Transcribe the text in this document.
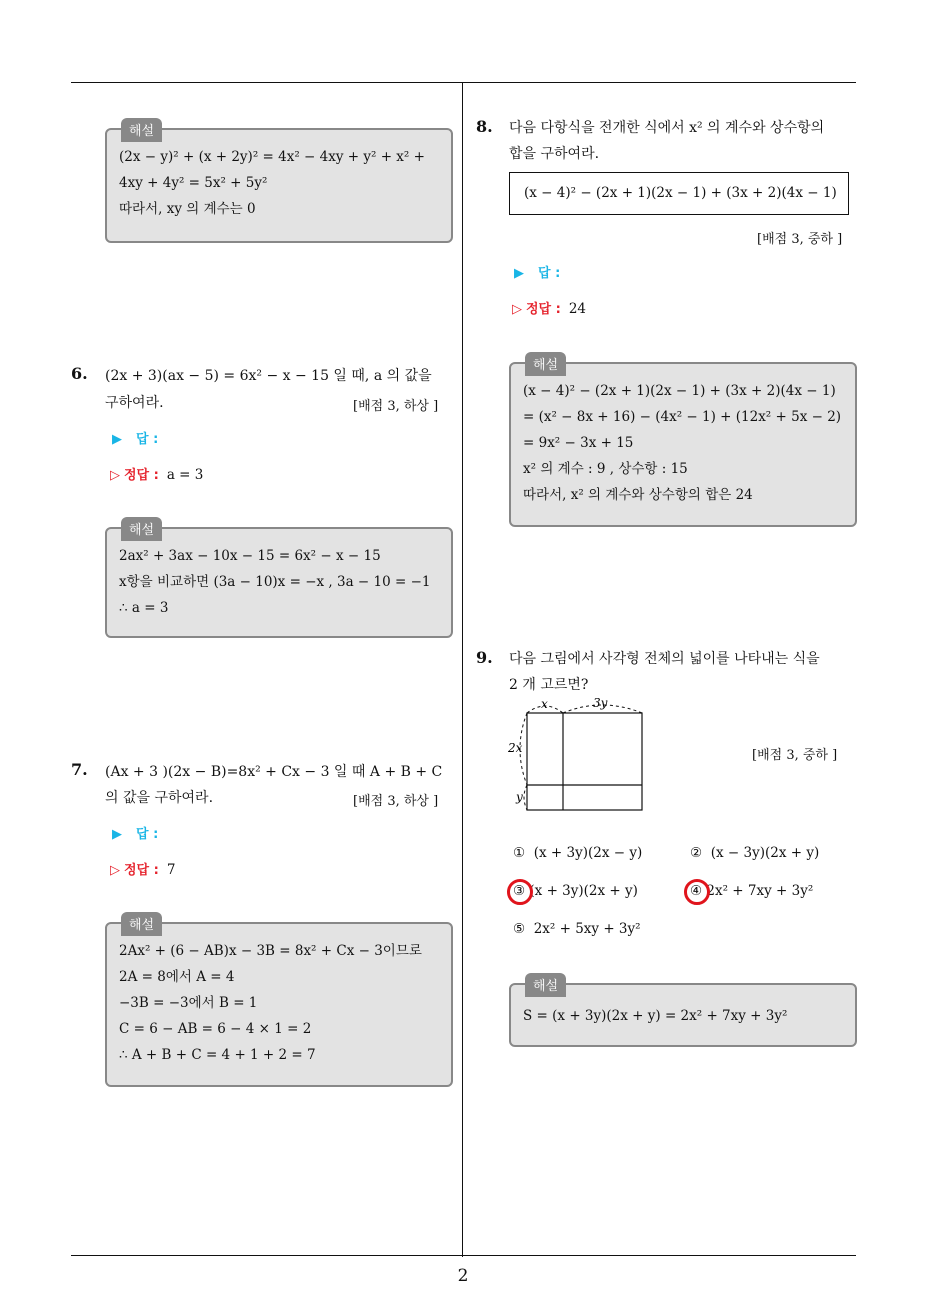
2
해설
(2x − y)² + (x + 2y)² = 4x² − 4xy + y² + x² +
4xy + 4y² = 5x² + 5y²
따라서, xy 의 계수는 0
6. (2x + 3)(ax − 5) = 6x² − x − 15 일 때, a 의 값을
구하여라.	[배점 3, 하상 ]
▶ 답 :
▷ 정답 : a = 3
해설
2ax² + 3ax − 10x − 15 = 6x² − x − 15
x항을 비교하면 (3a − 10)x = −x , 3a − 10 = −1
∴ a = 3
7. (Ax + 3 )(2x − B)=8x² + Cx − 3 일 때 A + B + C
의 값을 구하여라.	[배점 3, 하상 ]
▶ 답 :
▷ 정답 : 7
해설
2Ax² + (6 − AB)x − 3B = 8x² + Cx − 3이므로
2A = 8에서 A = 4
−3B = −3에서 B = 1
C = 6 − AB = 6 − 4 × 1 = 2
∴ A + B + C = 4 + 1 + 2 = 7
8. 다음 다항식을 전개한 식에서 x² 의 계수와 상수항의
합을 구하여라.
(x − 4)² − (2x + 1)(2x − 1) + (3x + 2)(4x − 1)
[배점 3, 중하 ]
▶ 답 :
▷ 정답 : 24
해설
(x − 4)² − (2x + 1)(2x − 1) + (3x + 2)(4x − 1)
= (x² − 8x + 16) − (4x² − 1) + (12x² + 5x − 2)
= 9x² − 3x + 15
x² 의 계수 : 9 , 상수항 : 15
따라서, x² 의 계수와 상수항의 합은 24
9. 다음 그림에서 사각형 전체의 넓이를 나타내는 식을
2 개 고르면?
x	3y
2x
y
[배점 3, 중하 ]
① (x + 3y)(2x − y)	② (x − 3y)(2x + y)
③ (x + 3y)(2x + y)	④ 2x² + 7xy + 3y²
⑤ 2x² + 5xy + 3y²
해설
S = (x + 3y)(2x + y) = 2x² + 7xy + 3y²
